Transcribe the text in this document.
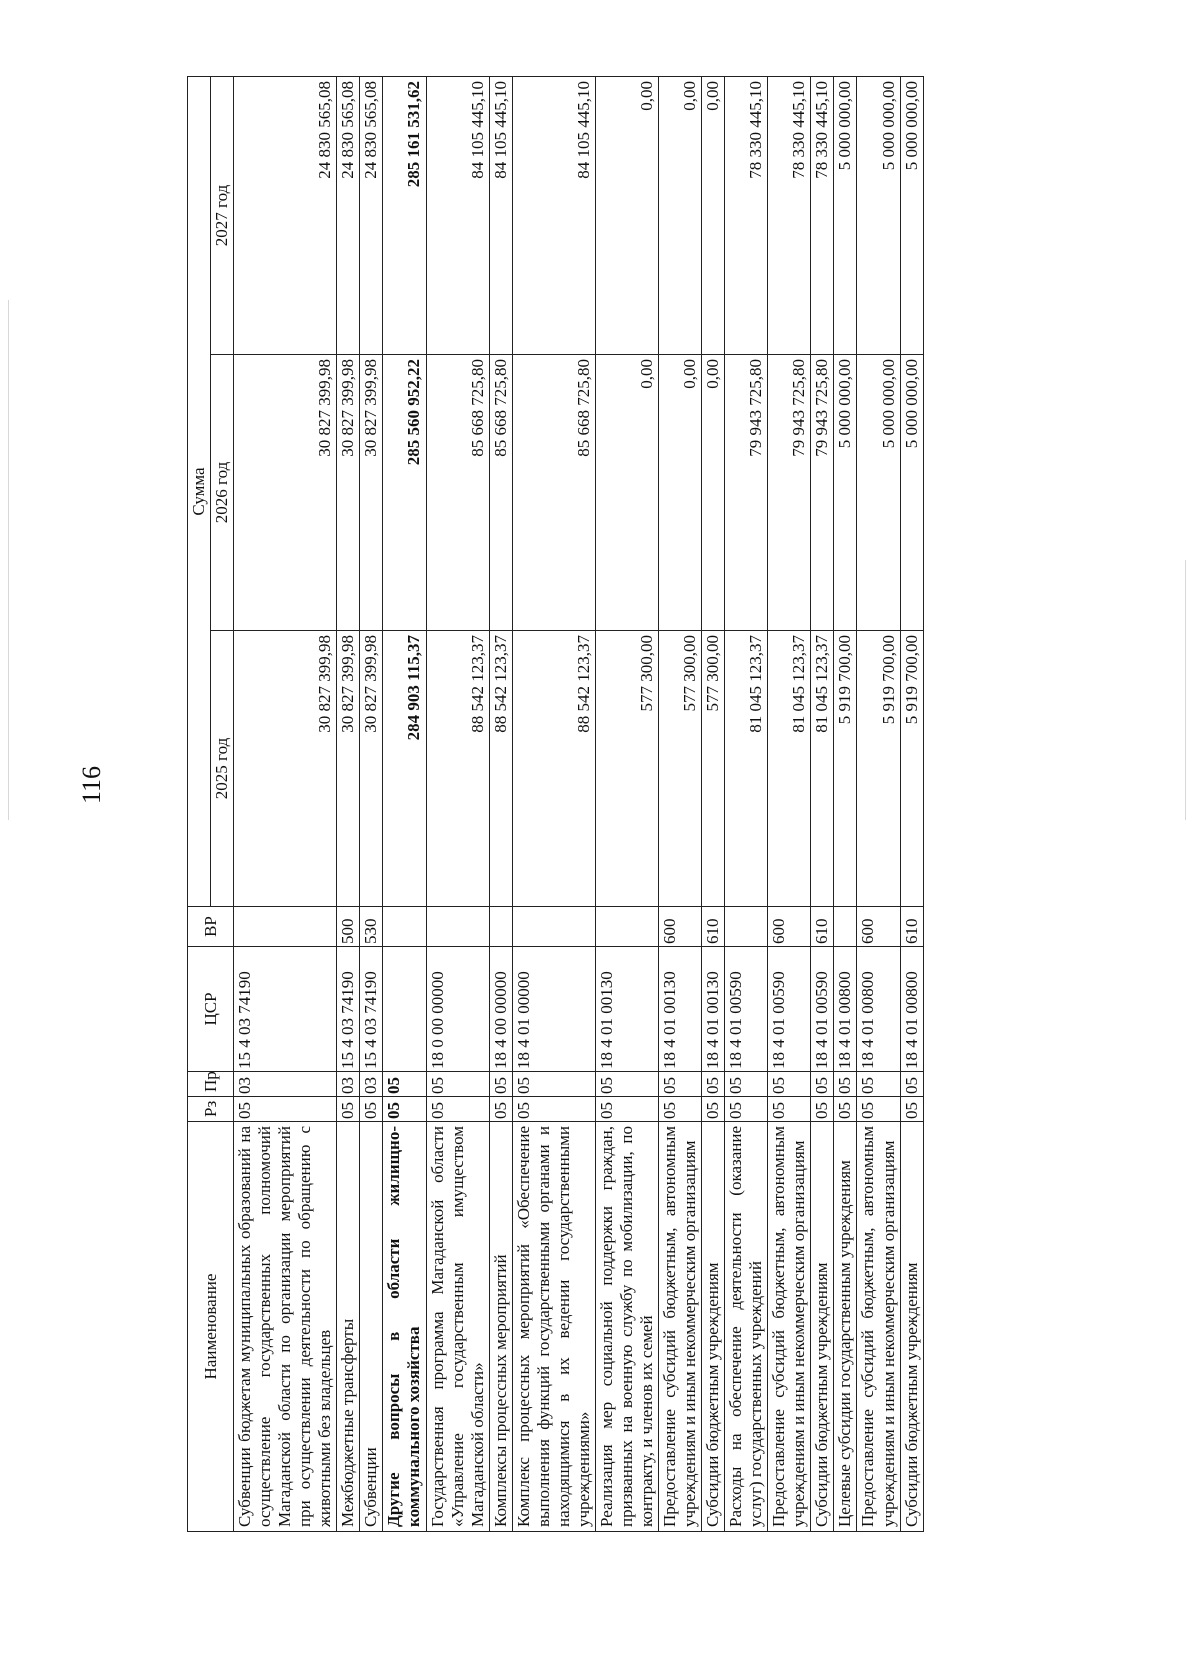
116
Наименование	Рз	Пр	ЦСР	ВР	Сумма		
					2025 год	2026 год	2027 год
Субвенции бюджетам муниципальных образований на осуществление государственных полномочий Магаданской области по организации мероприятий при осуществлении деятельности по обращению с животными без владельцев	05	03	15 4 03 74190		30 827 399,98	30 827 399,98	24 830 565,08
Межбюджетные трансферты	05	03	15 4 03 74190	500	30 827 399,98	30 827 399,98	24 830 565,08
Субвенции	05	03	15 4 03 74190	530	30 827 399,98	30 827 399,98	24 830 565,08
Другие вопросы в области жилищно-коммунального хозяйства	05	05			284 903 115,37	285 560 952,22	285 161 531,62
Государственная программа Магаданской области «Управление государственным имуществом Магаданской области»	05	05	18 0 00 00000		88 542 123,37	85 668 725,80	84 105 445,10
Комплексы процессных мероприятий	05	05	18 4 00 00000		88 542 123,37	85 668 725,80	84 105 445,10
Комплекс процессных мероприятий «Обеспечение выполнения функций государственными органами и находящимися в их ведении государственными учреждениями»	05	05	18 4 01 00000		88 542 123,37	85 668 725,80	84 105 445,10
Реализация мер социальной поддержки граждан, призванных на военную службу по мобилизации, по контракту, и членов их семей	05	05	18 4 01 00130		577 300,00	0,00	0,00
Предоставление субсидий бюджетным, автономным учреждениям и иным некоммерческим организациям	05	05	18 4 01 00130	600	577 300,00	0,00	0,00
Субсидии бюджетным учреждениям	05	05	18 4 01 00130	610	577 300,00	0,00	0,00
Расходы на обеспечение деятельности (оказание услуг) государственных учреждений	05	05	18 4 01 00590		81 045 123,37	79 943 725,80	78 330 445,10
Предоставление субсидий бюджетным, автономным учреждениям и иным некоммерческим организациям	05	05	18 4 01 00590	600	81 045 123,37	79 943 725,80	78 330 445,10
Субсидии бюджетным учреждениям	05	05	18 4 01 00590	610	81 045 123,37	79 943 725,80	78 330 445,10
Целевые субсидии государственным учреждениям	05	05	18 4 01 00800		5 919 700,00	5 000 000,00	5 000 000,00
Предоставление субсидий бюджетным, автономным учреждениям и иным некоммерческим организациям	05	05	18 4 01 00800	600	5 919 700,00	5 000 000,00	5 000 000,00
Субсидии бюджетным учреждениям	05	05	18 4 01 00800	610	5 919 700,00	5 000 000,00	5 000 000,00
